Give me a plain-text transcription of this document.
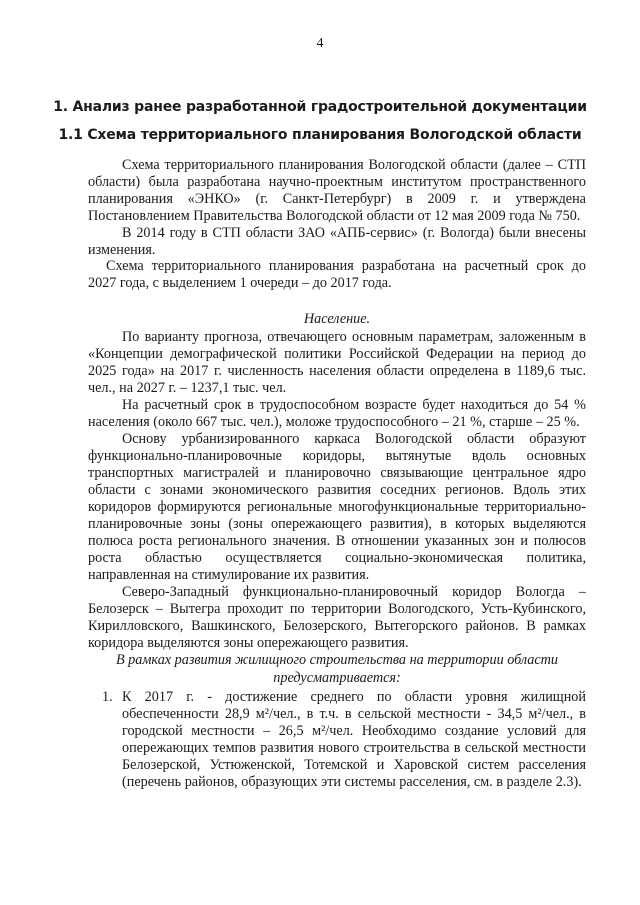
4
1. Анализ ранее разработанной градостроительной документации
1.1 Схема территориального планирования Вологодской области

Схема территориального планирования Вологодской области (далее – СТП области) была разработана научно-проектным институтом пространственного планирования «ЭНКО» (г. Санкт-Петербург) в 2009 г. и утверждена Постановлением Правительства Вологодской области от 12 мая 2009 года № 750.

В 2014 году в СТП области ЗАО «АПБ-сервис» (г. Вологда) были внесены изменения.

Схема территориального планирования разработана на расчетный срок до 2027 года, с выделением 1 очереди – до 2017 года.

Население.

По варианту прогноза, отвечающего основным параметрам, заложенным в «Концепции демографической политики Российской Федерации на период до 2025 года» на 2017 г. численность населения области определена в 1189,6 тыс. чел., на 2027 г. – 1237,1 тыс. чел.

На расчетный срок в трудоспособном возрасте будет находиться до 54 % населения (около 667 тыс. чел.), моложе трудоспособного – 21 %, старше – 25 %.

Основу урбанизированного каркаса Вологодской области образуют функционально-планировочные коридоры, вытянутые вдоль основных транспортных магистралей и планировочно связывающие центральное ядро области с зонами экономического развития соседних регионов. Вдоль этих коридоров формируются региональные многофункциональные территориально-планировочные зоны (зоны опережающего развития), в которых выделяются полюса роста регионального значения. В отношении указанных зон и полюсов роста областью осуществляется социально-экономическая политика, направленная на стимулирование их развития.

Северо-Западный функционально-планировочный коридор Вологда – Белозерск – Вытегра проходит по территории Вологодского, Усть-Кубинского, Кирилловского, Вашкинского, Белозерского, Вытегорского районов. В рамках коридора выделяются зоны опережающего развития.

В рамках развития жилищного строительства на территории области предусматривается:
1. К 2017 г. - достижение среднего по области уровня жилищной обеспеченности 28,9 м²/чел., в т.ч. в сельской местности - 34,5 м²/чел., в городской местности – 26,5 м²/чел. Необходимо создание условий для опережающих темпов развития нового строительства в сельской местности Белозерской, Устюженской, Тотемской и Харовской систем расселения (перечень районов, образующих эти системы расселения, см. в разделе 2.3).
